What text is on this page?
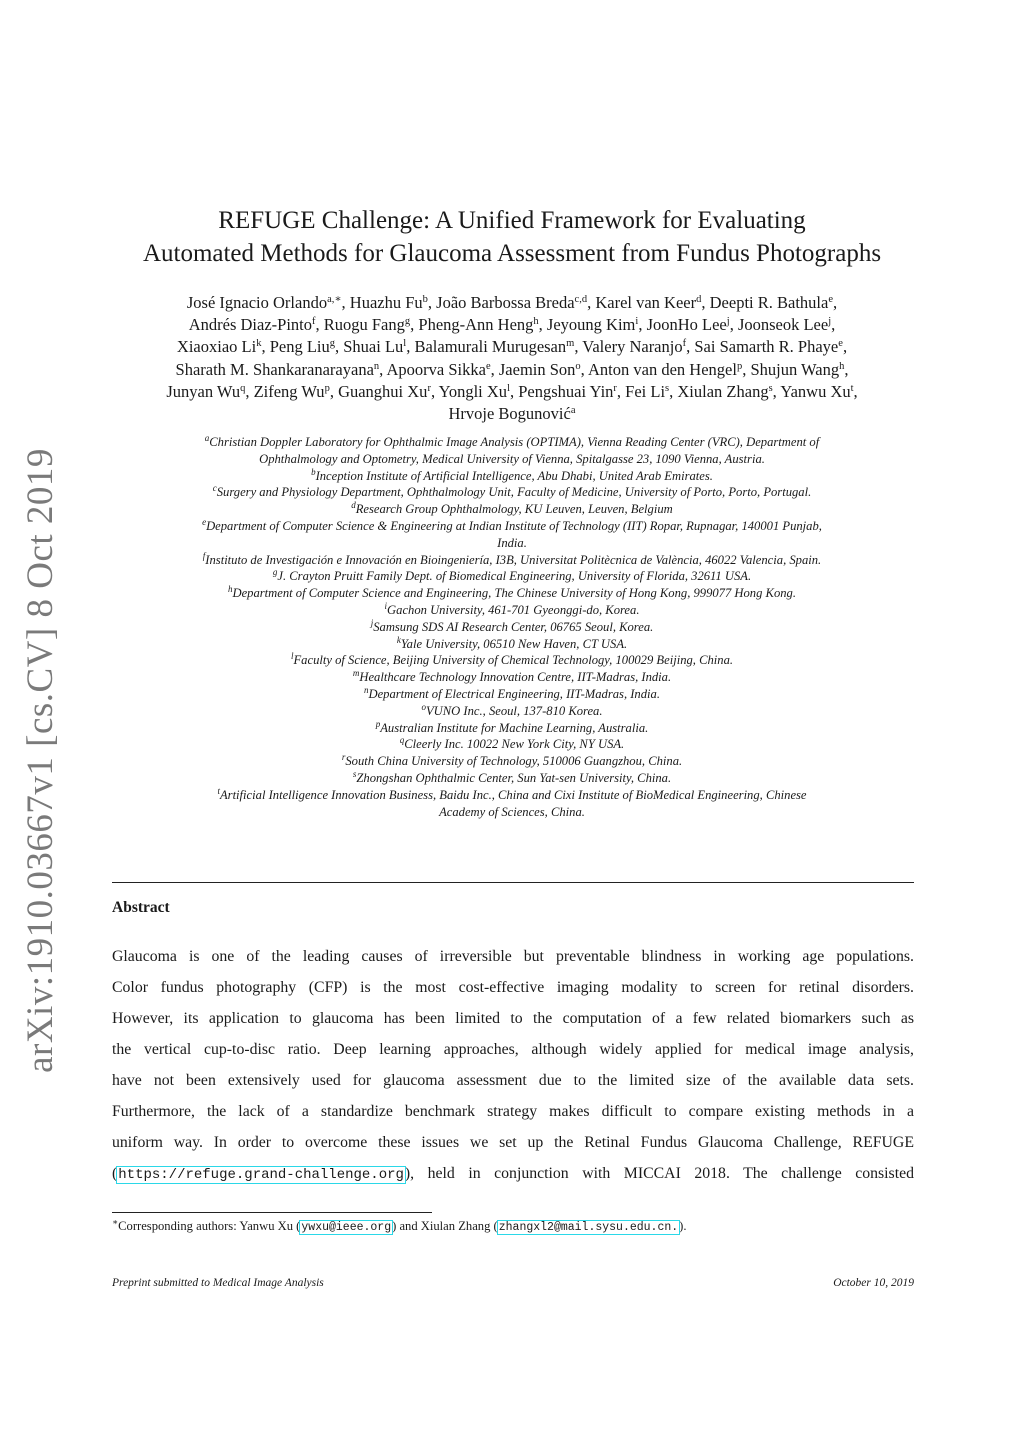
arXiv:1910.03667v1 [cs.CV] 8 Oct 2019
REFUGE Challenge: A Unified Framework for Evaluating
Automated Methods for Glaucoma Assessment from Fundus Photographs
José Ignacio Orlando$^{a,∗}$, Huazhu Fu$^b$, João Barbossa Breda$^{c,d}$, Karel van Keer$^d$, Deepti R. Bathula$^e$,
Andrés Diaz-Pinto$^f$, Ruogu Fang$^g$, Pheng-Ann Heng$^h$, Jeyoung Kim$^i$, JoonHo Lee$^j$, Joonseok Lee$^j$,
Xiaoxiao Li$^k$, Peng Liu$^g$, Shuai Lu$^l$, Balamurali Murugesan$^m$, Valery Naranjo$^f$, Sai Samarth R. Phaye$^e$,
Sharath M. Shankaranarayana$^n$, Apoorva Sikka$^e$, Jaemin Son$^o$, Anton van den Hengel$^p$, Shujun Wang$^h$,
Junyan Wu$^q$, Zifeng Wu$^p$, Guanghui Xu$^r$, Yongli Xu$^l$, Pengshuai Yin$^r$, Fei Li$^s$, Xiulan Zhang$^s$, Yanwu Xu$^t$,
Hrvoje Bogunović$^a$
$^a$Christian Doppler Laboratory for Ophthalmic Image Analysis (OPTIMA), Vienna Reading Center (VRC), Department of
Ophthalmology and Optometry, Medical University of Vienna, Spitalgasse 23, 1090 Vienna, Austria.
$^b$Inception Institute of Artificial Intelligence, Abu Dhabi, United Arab Emirates.
$^c$Surgery and Physiology Department, Ophthalmology Unit, Faculty of Medicine, University of Porto, Porto, Portugal.
$^d$Research Group Ophthalmology, KU Leuven, Leuven, Belgium
$^e$Department of Computer Science & Engineering at Indian Institute of Technology (IIT) Ropar, Rupnagar, 140001 Punjab,
India.
$^f$Instituto de Investigación e Innovación en Bioingeniería, I3B, Universitat Politècnica de València, 46022 Valencia, Spain.
$^g$J. Crayton Pruitt Family Dept. of Biomedical Engineering, University of Florida, 32611 USA.
$^h$Department of Computer Science and Engineering, The Chinese University of Hong Kong, 999077 Hong Kong.
$^i$Gachon University, 461-701 Gyeonggi-do, Korea.
$^j$Samsung SDS AI Research Center, 06765 Seoul, Korea.
$^k$Yale University, 06510 New Haven, CT USA.
$^l$Faculty of Science, Beijing University of Chemical Technology, 100029 Beijing, China.
$^m$Healthcare Technology Innovation Centre, IIT-Madras, India.
$^n$Department of Electrical Engineering, IIT-Madras, India.
$^o$VUNO Inc., Seoul, 137-810 Korea.
$^p$Australian Institute for Machine Learning, Australia.
$^q$Cleerly Inc. 10022 New York City, NY USA.
$^r$South China University of Technology, 510006 Guangzhou, China.
$^s$Zhongshan Ophthalmic Center, Sun Yat-sen University, China.
$^t$Artificial Intelligence Innovation Business, Baidu Inc., China and Cixi Institute of BioMedical Engineering, Chinese
Academy of Sciences, China.
Abstract
Glaucoma is one of the leading causes of irreversible but preventable blindness in working age populations.
Color fundus photography (CFP) is the most cost-effective imaging modality to screen for retinal disorders.
However, its application to glaucoma has been limited to the computation of a few related biomarkers such as
the vertical cup-to-disc ratio. Deep learning approaches, although widely applied for medical image analysis,
have not been extensively used for glaucoma assessment due to the limited size of the available data sets.
Furthermore, the lack of a standardize benchmark strategy makes difficult to compare existing methods in a
uniform way. In order to overcome these issues we set up the Retinal Fundus Glaucoma Challenge, REFUGE
(https://refuge.grand-challenge.org), held in conjunction with MICCAI 2018. The challenge consisted
∗Corresponding authors: Yanwu Xu (ywxu@ieee.org) and Xiulan Zhang (zhangxl2@mail.sysu.edu.cn.).
Preprint submitted to Medical Image Analysis	October 10, 2019
